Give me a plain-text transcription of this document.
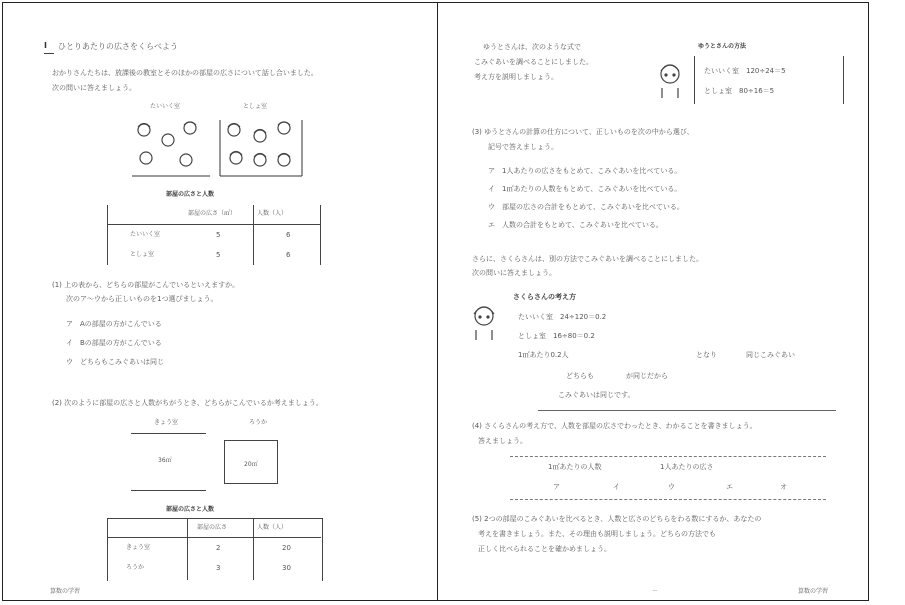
Ⅰ ひとりあたりの広さをくらべよう
おかりさんたちは、放課後の教室とそのほかの部屋の広さについて話し合いました。
次の問いに答えましょう。
たいいく室	としょ室
部屋の広さと人数
部屋の広さ（㎡）	人数（人）
たいいく室	5	6
としょ室	5	6
(1) 上の表から、どちらの部屋がこんでいるといえますか。
次のア〜ウから正しいものを1つ選びましょう。
ア　Aの部屋の方がこんでいる
イ　Bの部屋の方がこんでいる
ウ　どちらもこみぐあいは同じ
(2) 次のように部屋の広さと人数がちがうとき、どちらがこんでいるか考えましょう。
きょう室	ろうか
36㎡
20㎡
部屋の広さと人数
部屋の広さ	人数（人）
きょう室	2	20
ろうか	3	30
算数の学習
ゆうとさんは、次のような式で
こみぐあいを調べることにしました。
考え方を説明しましょう。
ゆうとさんの方法
たいいく室　120÷24＝5
としょ室　80÷16＝5
(3) ゆうとさんの計算の仕方について、正しいものを次の中から選び、
記号で答えましょう。
ア　1人あたりの広さをもとめて、こみぐあいを比べている。
イ　1㎡あたりの人数をもとめて、こみぐあいを比べている。
ウ　部屋の広さの合計をもとめて、こみぐあいを比べている。
エ　人数の合計をもとめて、こみぐあいを比べている。
さらに、さくらさんは、別の方法でこみぐあいを調べることにしました。
次の問いに答えましょう。
さくらさんの考え方
たいいく室　24÷120＝0.2
としょ室　16÷80＝0.2
1㎡あたり0.2人	となり	同じこみぐあい
どちらも	が同じだから
こみぐあいは同じです。
(4) さくらさんの考え方で、人数を部屋の広さでわったとき、わかることを書きましょう。
答えましょう。
1㎡あたりの人数	1人あたりの広さ
ア	イ	ウ	エ	オ
(5) 2つの部屋のこみぐあいを比べるとき、人数と広さのどちらをわる数にするか、あなたの
考えを書きましょう。また、その理由も説明しましょう。どちらの方法でも
正しく比べられることを確かめましょう。
－	算数の学習
